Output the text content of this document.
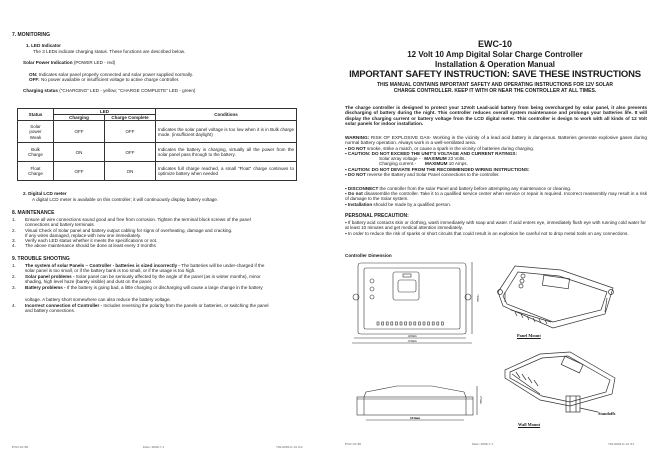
7. MONITORING
1. LED Indicator
The 3 LEDs indicate charging status. These functions are described below.
Solar Power Indication (POWER LED - red)
ON: Indicates solar panel properly connected and solar power supplied normally.
OFF: No power available or insufficient voltage to active charge controller.
Charging status ("CHARGING" LED - yellow; "CHARGE COMPLETE" LED - green)
Status	LED		Conditions
	Charging	Charge Complete	
Solar power Weak	OFF	OFF	Indicates the solar panel voltage is too low when it is in Bulk charge mode. (insufficient daylight)
Bulk Charge	ON	OFF	Indicates the battery is charging, virtually all the power from the solar panel pass through to the battery.
Float Charge	OFF	ON	Indicates full charge reached, a small "Float" charge continues to optimize battery when needed
2. Digital LCD meter
A digital LCD meter is available on this controller; it will continuously display battery voltage.
8. MAINTENANCE
1. Ensure all wire connections sound good and free from corrosion. Tighten the terminal block screws of the panel
connections and battery terminals.
2. Visual Check of Solar panel and battery output cabling for signs of overheating, damage and cracking.
If any wires damaged, replace with new one immediately.
3. Verify each LED status whether it meets the specifications or not.
4. The above maintenance should be done at least every 3 months
9. TROUBLE SHOOTING
1. The system of solar Panels – Controller - batteries is sized incorrectly - The batteries will be under-charged if the
solar panel is too small, or if the battery bank is too small, or if the usage is too high.
2. Solar panel problems - Solar panel can be seriously affected by the angle of the panel (as in winter months), minor
shading, high level haze (barely visible) and dust on the panel.
3. Battery problems - If the battery is going bad, a little charging or discharging will cause a large change in the battery
voltage. A battery short somewhere can also reduce the battery voltage.
4. Incorrect connection of Controller - Includes reversing the polarity from the panels or batteries, or switching the panel
and battery connections.
EWC10-B1	Date: 2006-7-1	702-000211-01 P.4
EWC-10
12 Volt 10 Amp Digital Solar Charge Controller
Installation & Operation Manual
IMPORTANT SAFETY INSTRUCTION: SAVE THESE INSTRUCTIONS
THIS MANUAL CONTAINS IMPORTANT SAFETY AND OPERATING INSTRUCTIONS FOR 12V SOLAR
CHARGE CONTROLLER. KEEP IT WITH OR NEAR THE CONTROLLER AT ALL TIMES.
The charge controller is designed to protect your 12Volt Lead-acid battery from being overcharged by solar panel, it also prevents discharging of battery during the night. This controller reduces overall system maintenance and prolongs your batteries life. It will display the charging current or battery voltage from the LCD digital meter. This controller is design to work with all kinds of 12 Volt solar panels for indoor installation.
WARNING: RISK OF EXPLOSIVE GAS- Working in the vicinity of a lead acid battery is dangerous. Batteries generate explosive gases during normal battery operation. Always work in a well-ventilated area.
▪ DO NOT smoke, strike a match, or cause a spark in the vicinity of batteries during charging.
▪ CAUTION: DO NOT EXCEED THE UNIT'S VOLTAGE AND CURRENT RATINGS:
Solar array voltage - MAXIMUM 23 Volts.
Charging current - MAXIMUM 10 Amps.
▪ CAUTION: DO NOT DEVIATE FROM THE RECOMMENDED WIRING INSTRUCTIONS:
▪ DO NOT reverse the Battery and Solar Panel connections to the controller.
▪ DISCONNECT the controller from the solar Panel and battery before attempting any maintenance or cleaning.
▪ Do not disassemble the controller. Take it to a qualified service center when service or repair is required. Incorrect reassembly may result in a risk of damage to the Solar system.
▪ Installation should be made by a qualified person.
PERSONAL PRECAUTION:
▪ If battery acid contacts skin or clothing, wash immediately with soap and water. If acid enters eye, immediately flush eye with running cold water for at least 10 minutes and get medical attention immediately.
▪ In order to reduce the risk of sparks or short circuits that could result in an explosion be careful not to drop metal tools on any connections.
Controller Dimension
120mm
133mm
72mm
103mm
27mm
Panel Mount
Wall Mount
Standoffs
EWC10-B1	Date: 2006-7-1	702-000211-01 P.1
